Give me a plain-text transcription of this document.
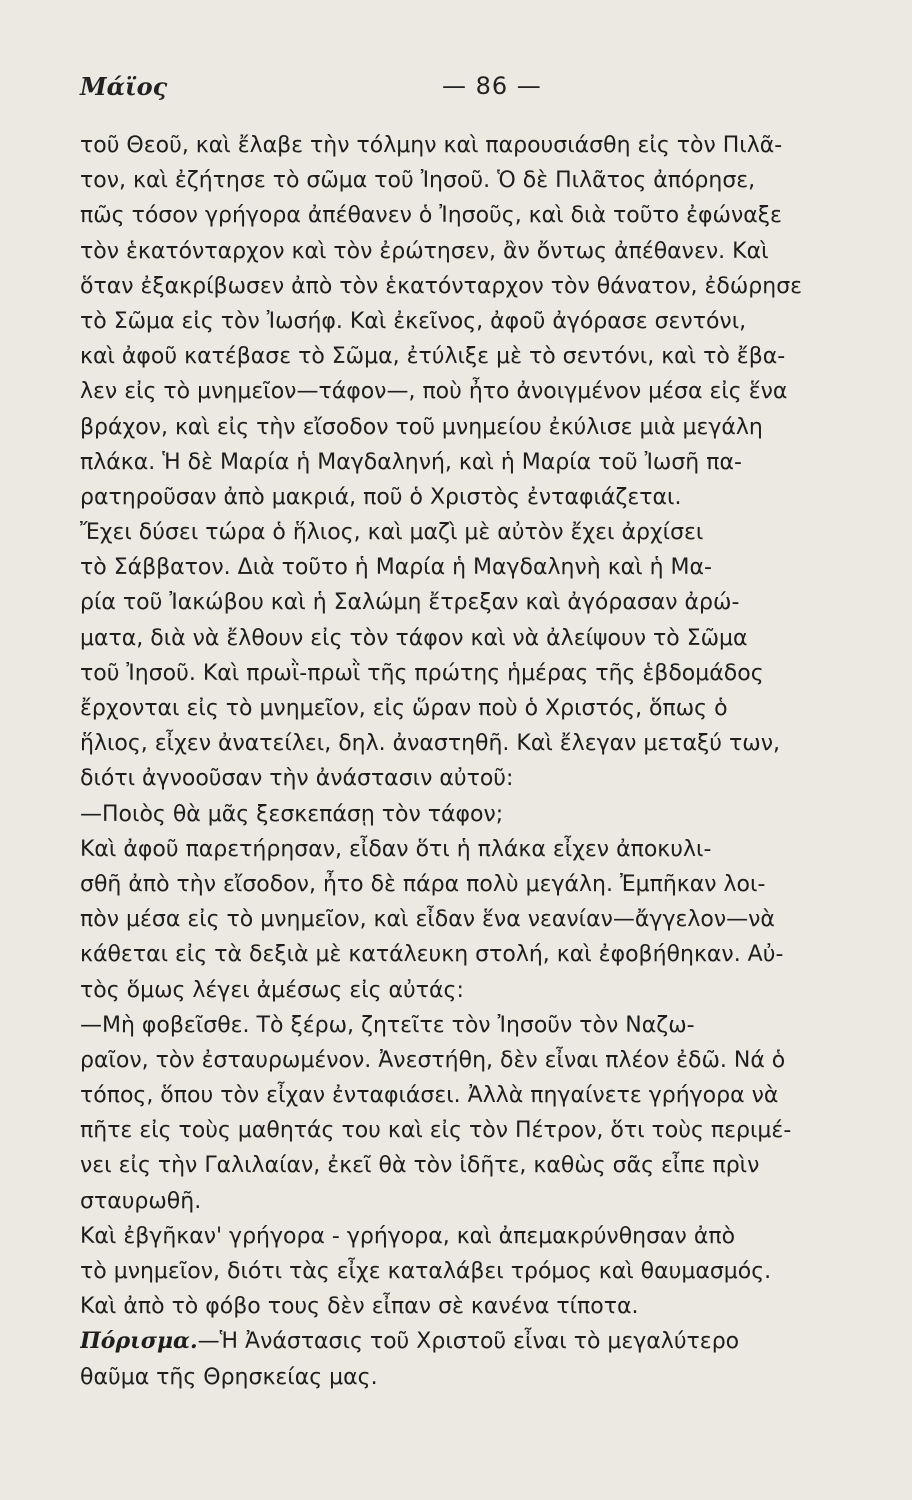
Μάϊος	— 86 —
τοῦ Θεοῦ, καὶ ἔλαβε τὴν τόλμην καὶ παρουσιάσθη εἰς τὸν Πιλᾶ-
τον, καὶ ἐζήτησε τὸ σῶμα τοῦ Ἰησοῦ. Ὁ δὲ Πιλᾶτος ἀπόρησε,
πῶς τόσον γρήγορα ἀπέθανεν ὁ Ἰησοῦς, καὶ διὰ τοῦτο ἐφώναξε
τὸν ἑκατόνταρχον καὶ τὸν ἐρώτησεν, ἂν ὄντως ἀπέθανεν. Καὶ
ὅταν ἐξακρίβωσεν ἀπὸ τὸν ἑκατόνταρχον τὸν θάνατον, ἐδώρησε
τὸ Σῶμα εἰς τὸν Ἰωσήφ. Καὶ ἐκεῖνος, ἀφοῦ ἀγόρασε σεντόνι,
καὶ ἀφοῦ κατέβασε τὸ Σῶμα, ἐτύλιξε μὲ τὸ σεντόνι, καὶ τὸ ἔβα-
λεν εἰς τὸ μνημεῖον—τάφον—, ποὺ ἦτο ἀνοιγμένον μέσα εἰς ἕνα
βράχον, καὶ εἰς τὴν εἴσοδον τοῦ μνημείου ἐκύλισε μιὰ μεγάλη
πλάκα. Ἡ δὲ Μαρία ἡ Μαγδαληνή, καὶ ἡ Μαρία τοῦ Ἰωσῆ πα-
ρατηροῦσαν ἀπὸ μακριά, ποῦ ὁ Χριστὸς ἐνταφιάζεται.
Ἔχει δύσει τώρα ὁ ἥλιος, καὶ μαζὶ μὲ αὐτὸν ἔχει ἀρχίσει
τὸ Σάββατον. Διὰ τοῦτο ἡ Μαρία ἡ Μαγδαληνὴ καὶ ἡ Μα-
ρία τοῦ Ἰακώβου καὶ ἡ Σαλώμη ἔτρεξαν καὶ ἀγόρασαν ἀρώ-
ματα, διὰ νὰ ἔλθουν εἰς τὸν τάφον καὶ νὰ ἀλείψουν τὸ Σῶμα
τοῦ Ἰησοῦ. Καὶ πρωῒ-πρωῒ τῆς πρώτης ἡμέρας τῆς ἑβδομάδος
ἔρχονται εἰς τὸ μνημεῖον, εἰς ὥραν ποὺ ὁ Χριστός, ὅπως ὁ
ἥλιος, εἶχεν ἀνατείλει, δηλ. ἀναστηθῆ. Καὶ ἔλεγαν μεταξύ των,
διότι ἀγνοοῦσαν τὴν ἀνάστασιν αὐτοῦ:
—Ποιὸς θὰ μᾶς ξεσκεπάσῃ τὸν τάφον;
Καὶ ἀφοῦ παρετήρησαν, εἶδαν ὅτι ἡ πλάκα εἶχεν ἀποκυλι-
σθῆ ἀπὸ τὴν εἴσοδον, ἦτο δὲ πάρα πολὺ μεγάλη. Ἐμπῆκαν λοι-
πὸν μέσα εἰς τὸ μνημεῖον, καὶ εἶδαν ἕνα νεανίαν—ἄγγελον—νὰ
κάθεται εἰς τὰ δεξιὰ μὲ κατάλευκη στολή, καὶ ἐφοβήθηκαν. Αὐ-
τὸς ὅμως λέγει ἀμέσως εἰς αὐτάς:
—Μὴ φοβεῖσθε. Τὸ ξέρω, ζητεῖτε τὸν Ἰησοῦν τὸν Ναζω-
ραῖον, τὸν ἐσταυρωμένον. Ἀνεστήθη, δὲν εἶναι πλέον ἐδῶ. Νά ὁ
τόπος, ὅπου τὸν εἶχαν ἐνταφιάσει. Ἀλλὰ πηγαίνετε γρήγορα νὰ
πῆτε εἰς τοὺς μαθητάς του καὶ εἰς τὸν Πέτρον, ὅτι τοὺς περιμέ-
νει εἰς τὴν Γαλιλαίαν, ἐκεῖ θὰ τὸν ἰδῆτε, καθὼς σᾶς εἶπε πρὶν
σταυρωθῆ.
Καὶ ἐβγῆκαν' γρήγορα - γρήγορα, καὶ ἀπεμακρύνθησαν ἀπὸ
τὸ μνημεῖον, διότι τὰς εἶχε καταλάβει τρόμος καὶ θαυμασμός.
Καὶ ἀπὸ τὸ φόβο τους δὲν εἶπαν σὲ κανένα τίποτα.
Πόρισμα.—Ἡ Ἀνάστασις τοῦ Χριστοῦ εἶναι τὸ μεγαλύτερο
θαῦμα τῆς Θρησκείας μας.
